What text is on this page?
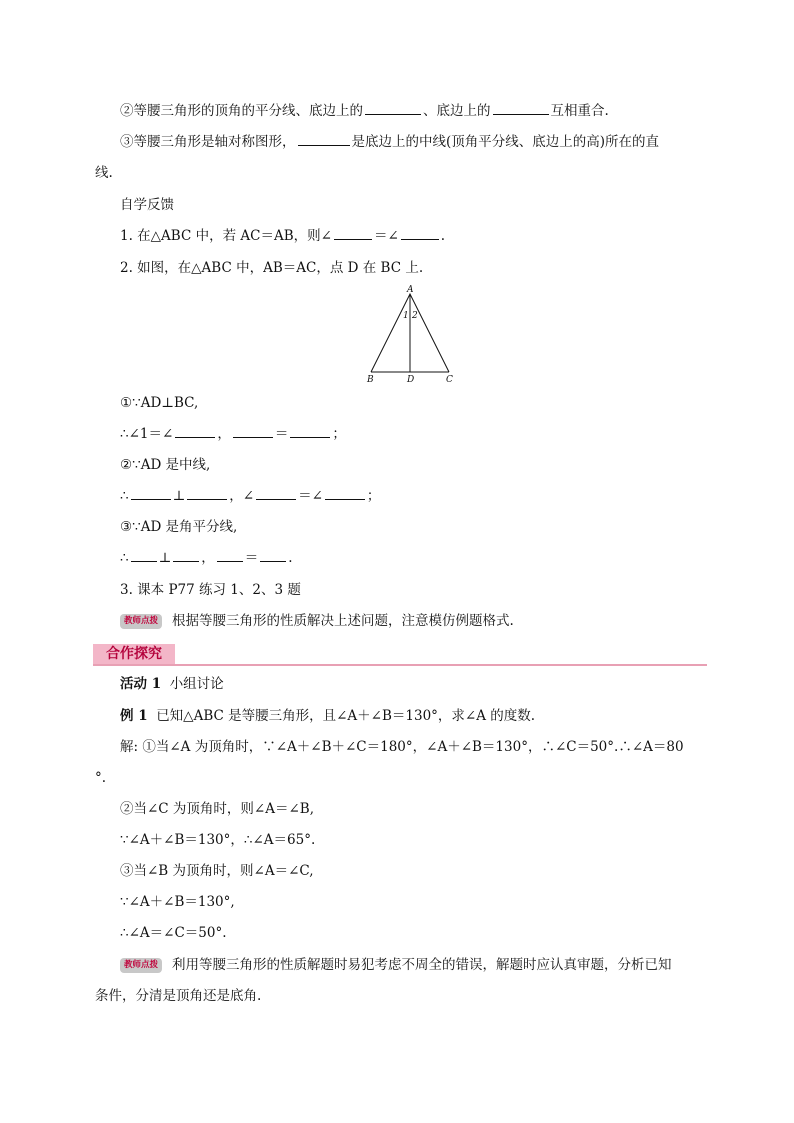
②等腰三角形的顶角的平分线、底边上的	、底边上的	互相重合.
③等腰三角形是轴对称图形，	是底边上的中线(顶角平分线、底边上的高)所在的直
线.
自学反馈
1. 在△ABC 中，若 AC＝AB，则∠	＝∠	.
2. 如图，在△ABC 中，AB＝AC，点 D 在 BC 上.
A
B	C
D
1 2
①∵AD⊥BC,
∴∠1＝∠	，	＝	；
②∵AD 是中线,
∴	⊥	，∠	＝∠	；
③∵AD 是角平分线,
∴ ⊥ ， ＝ .
3. 课本 P77 练习 1、2、3 题
教师点拨 根据等腰三角形的性质解决上述问题，注意模仿例题格式.
合作探究
活动 1 小组讨论
例 1 已知△ABC 是等腰三角形，且∠A＋∠B＝130°，求∠A 的度数.
解: ①当∠A 为顶角时，∵∠A＋∠B＋∠C＝180°，∠A＋∠B＝130°，∴∠C＝50°.∴∠A＝80
°.
②当∠C 为顶角时，则∠A＝∠B,
∵∠A＋∠B＝130°，∴∠A＝65°.
③当∠B 为顶角时，则∠A＝∠C,
∵∠A＋∠B＝130°,
∴∠A＝∠C＝50°.
教师点拨 利用等腰三角形的性质解题时易犯考虑不周全的错误，解题时应认真审题，分析已知
条件，分清是顶角还是底角.
